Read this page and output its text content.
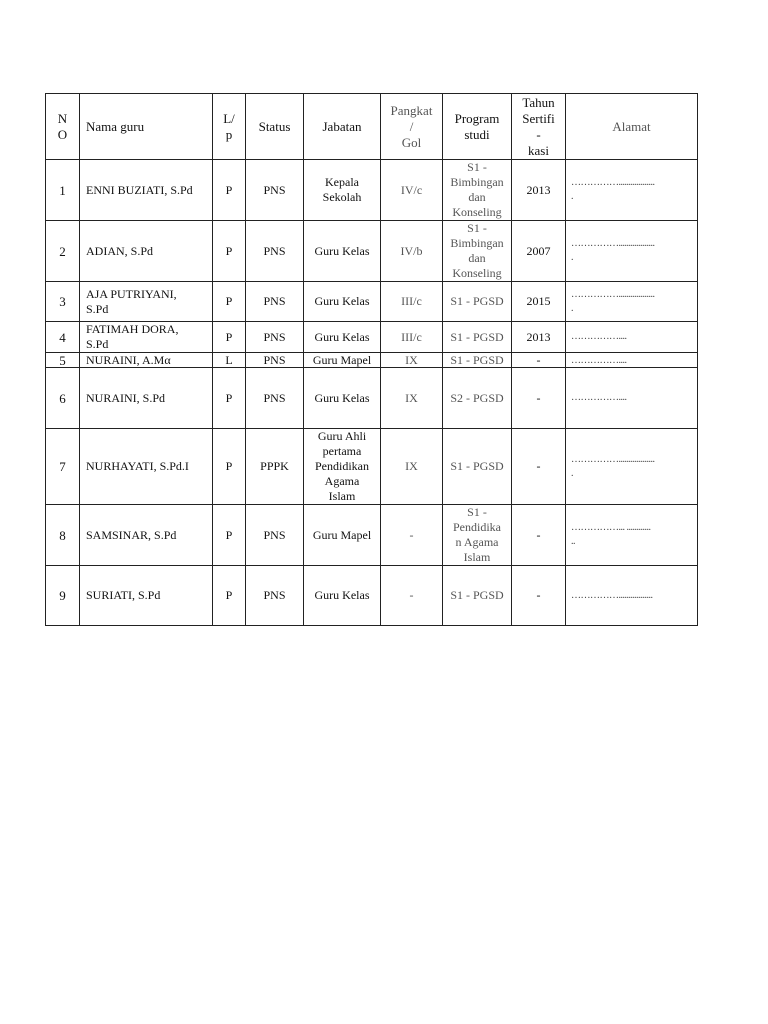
N
O	Nama guru	L/
p	Status	Jabatan	Pangkat
/
Gol	Program
studi	Tahun
Sertifi
-
kasi	Alamat
1	ENNI BUZIATI, S.Pd	P	PNS	Kepala
Sekolah	IV/c	S1 -
Bimbingan
dan
Konseling	2013	……………..................
.
2	ADIAN, S.Pd	P	PNS	Guru Kelas	IV/b	S1 -
Bimbingan
dan
Konseling	2007	……………..................
.
3	AJA PUTRIYANI,
S.Pd	P	PNS	Guru Kelas	III/c	S1 - PGSD	2015	……………..................
.
4	FATIMAH DORA,
S.Pd	P	PNS	Guru Kelas	III/c	S1 - PGSD	2013	……………....
5	NURAINI, A.Mα	L	PNS	Guru Mapel	IX	S1 - PGSD	-	……………....
6	NURAINI, S.Pd	P	PNS	Guru Kelas	IX	S2 - PGSD	-	……………....
7	NURHAYATI, S.Pd.I	P	PPPK	Guru Ahli
pertama
Pendidikan
Agama
Islam	IX	S1 - PGSD	-	……………..................
.
8	SAMSINAR, S.Pd	P	PNS	Guru Mapel	-	S1 -
Pendidika
n Agama
Islam	-	……………... ............
..
9	SURIATI, S.Pd	P	PNS	Guru Kelas	-	S1 - PGSD	-	…………….................
